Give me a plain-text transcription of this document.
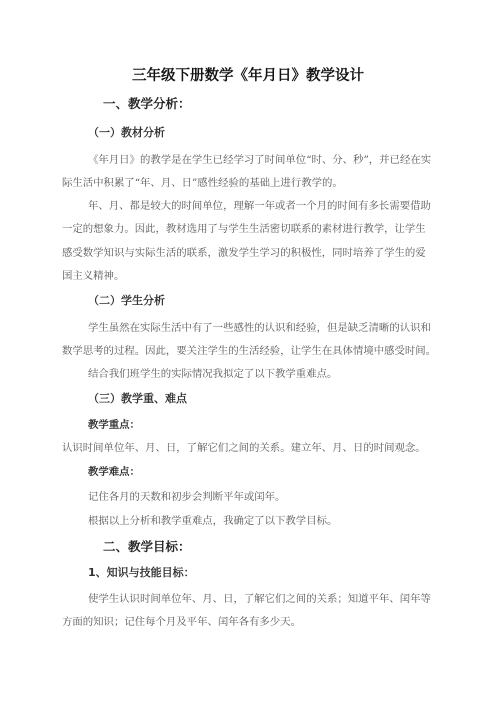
三年级下册数学《年月日》教学设计
一、教学分析：
（一）教材分析
《年月日》的教学是在学生已经学习了时间单位“时、分、秒”，并已经在实
际生活中积累了“年、月、日”感性经验的基础上进行教学的。
年、月、都是较大的时间单位，理解一年或者一个月的时间有多长需要借助
一定的想象力。因此，教材选用了与学生生活密切联系的素材进行教学，让学生
感受数学知识与实际生活的联系，激发学生学习的积极性，同时培养了学生的爱
国主义精神。
（二）学生分析
学生虽然在实际生活中有了一些感性的认识和经验，但是缺乏清晰的认识和
数学思考的过程。因此，要关注学生的生活经验，让学生在具体情境中感受时间。
结合我们班学生的实际情况我拟定了以下教学重难点。
（三）教学重、难点
教学重点：
认识时间单位年、月、日，了解它们之间的关系。建立年、月、日的时间观念。
教学难点：
记住各月的天数和初步会判断平年或闰年。
根据以上分析和教学重难点，我确定了以下教学目标。
二、教学目标：
1、知识与技能目标：
使学生认识时间单位年、月、日，了解它们之间的关系；知道平年、闰年等
方面的知识；记住每个月及平年、闰年各有多少天。
